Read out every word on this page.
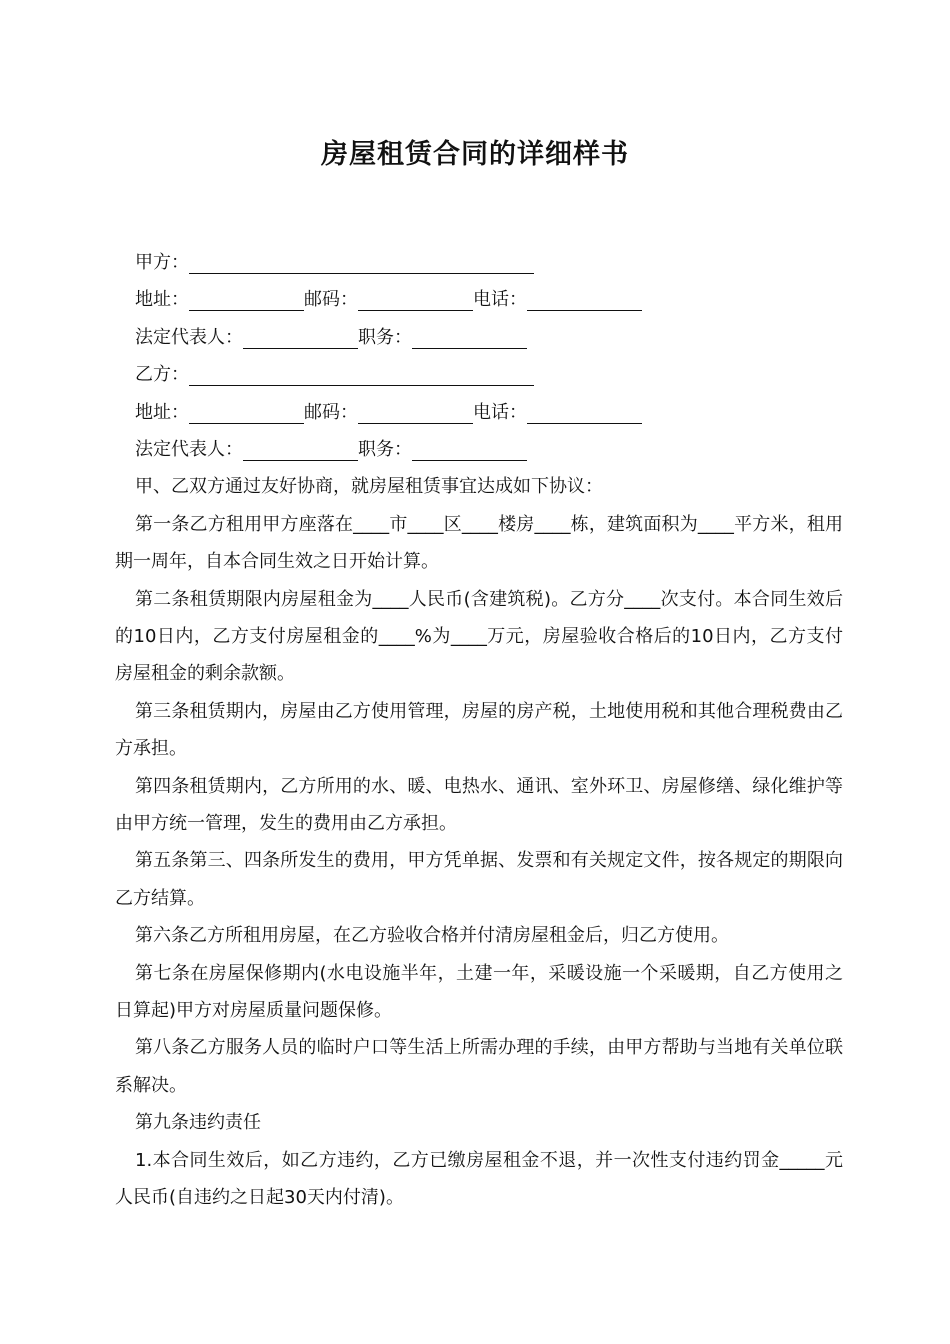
房屋租赁合同的详细样书
甲方：
地址：	邮码：	电话：
法定代表人：	职务：
乙方：
地址：	邮码：	电话：
法定代表人：	职务：
甲、乙双方通过友好协商，就房屋租赁事宜达成如下协议：
第一条乙方租用甲方座落在____市____区____楼房____栋，建筑面积为____平方米，租用期一周年，自本合同生效之日开始计算。
第二条租赁期限内房屋租金为____人民币(含建筑税)。乙方分____次支付。本合同生效后的10日内，乙方支付房屋租金的____%为____万元，房屋验收合格后的10日内，乙方支付房屋租金的剩余款额。
第三条租赁期内，房屋由乙方使用管理，房屋的房产税，土地使用税和其他合理税费由乙方承担。
第四条租赁期内，乙方所用的水、暖、电热水、通讯、室外环卫、房屋修缮、绿化维护等由甲方统一管理，发生的费用由乙方承担。
第五条第三、四条所发生的费用，甲方凭单据、发票和有关规定文件，按各规定的期限向乙方结算。
第六条乙方所租用房屋，在乙方验收合格并付清房屋租金后，归乙方使用。
第七条在房屋保修期内(水电设施半年，土建一年，采暖设施一个采暖期，自乙方使用之日算起)甲方对房屋质量问题保修。
第八条乙方服务人员的临时户口等生活上所需办理的手续，由甲方帮助与当地有关单位联系解决。
第九条违约责任
1.本合同生效后，如乙方违约，乙方已缴房屋租金不退，并一次性支付违约罚金_____元人民币(自违约之日起30天内付清)。
